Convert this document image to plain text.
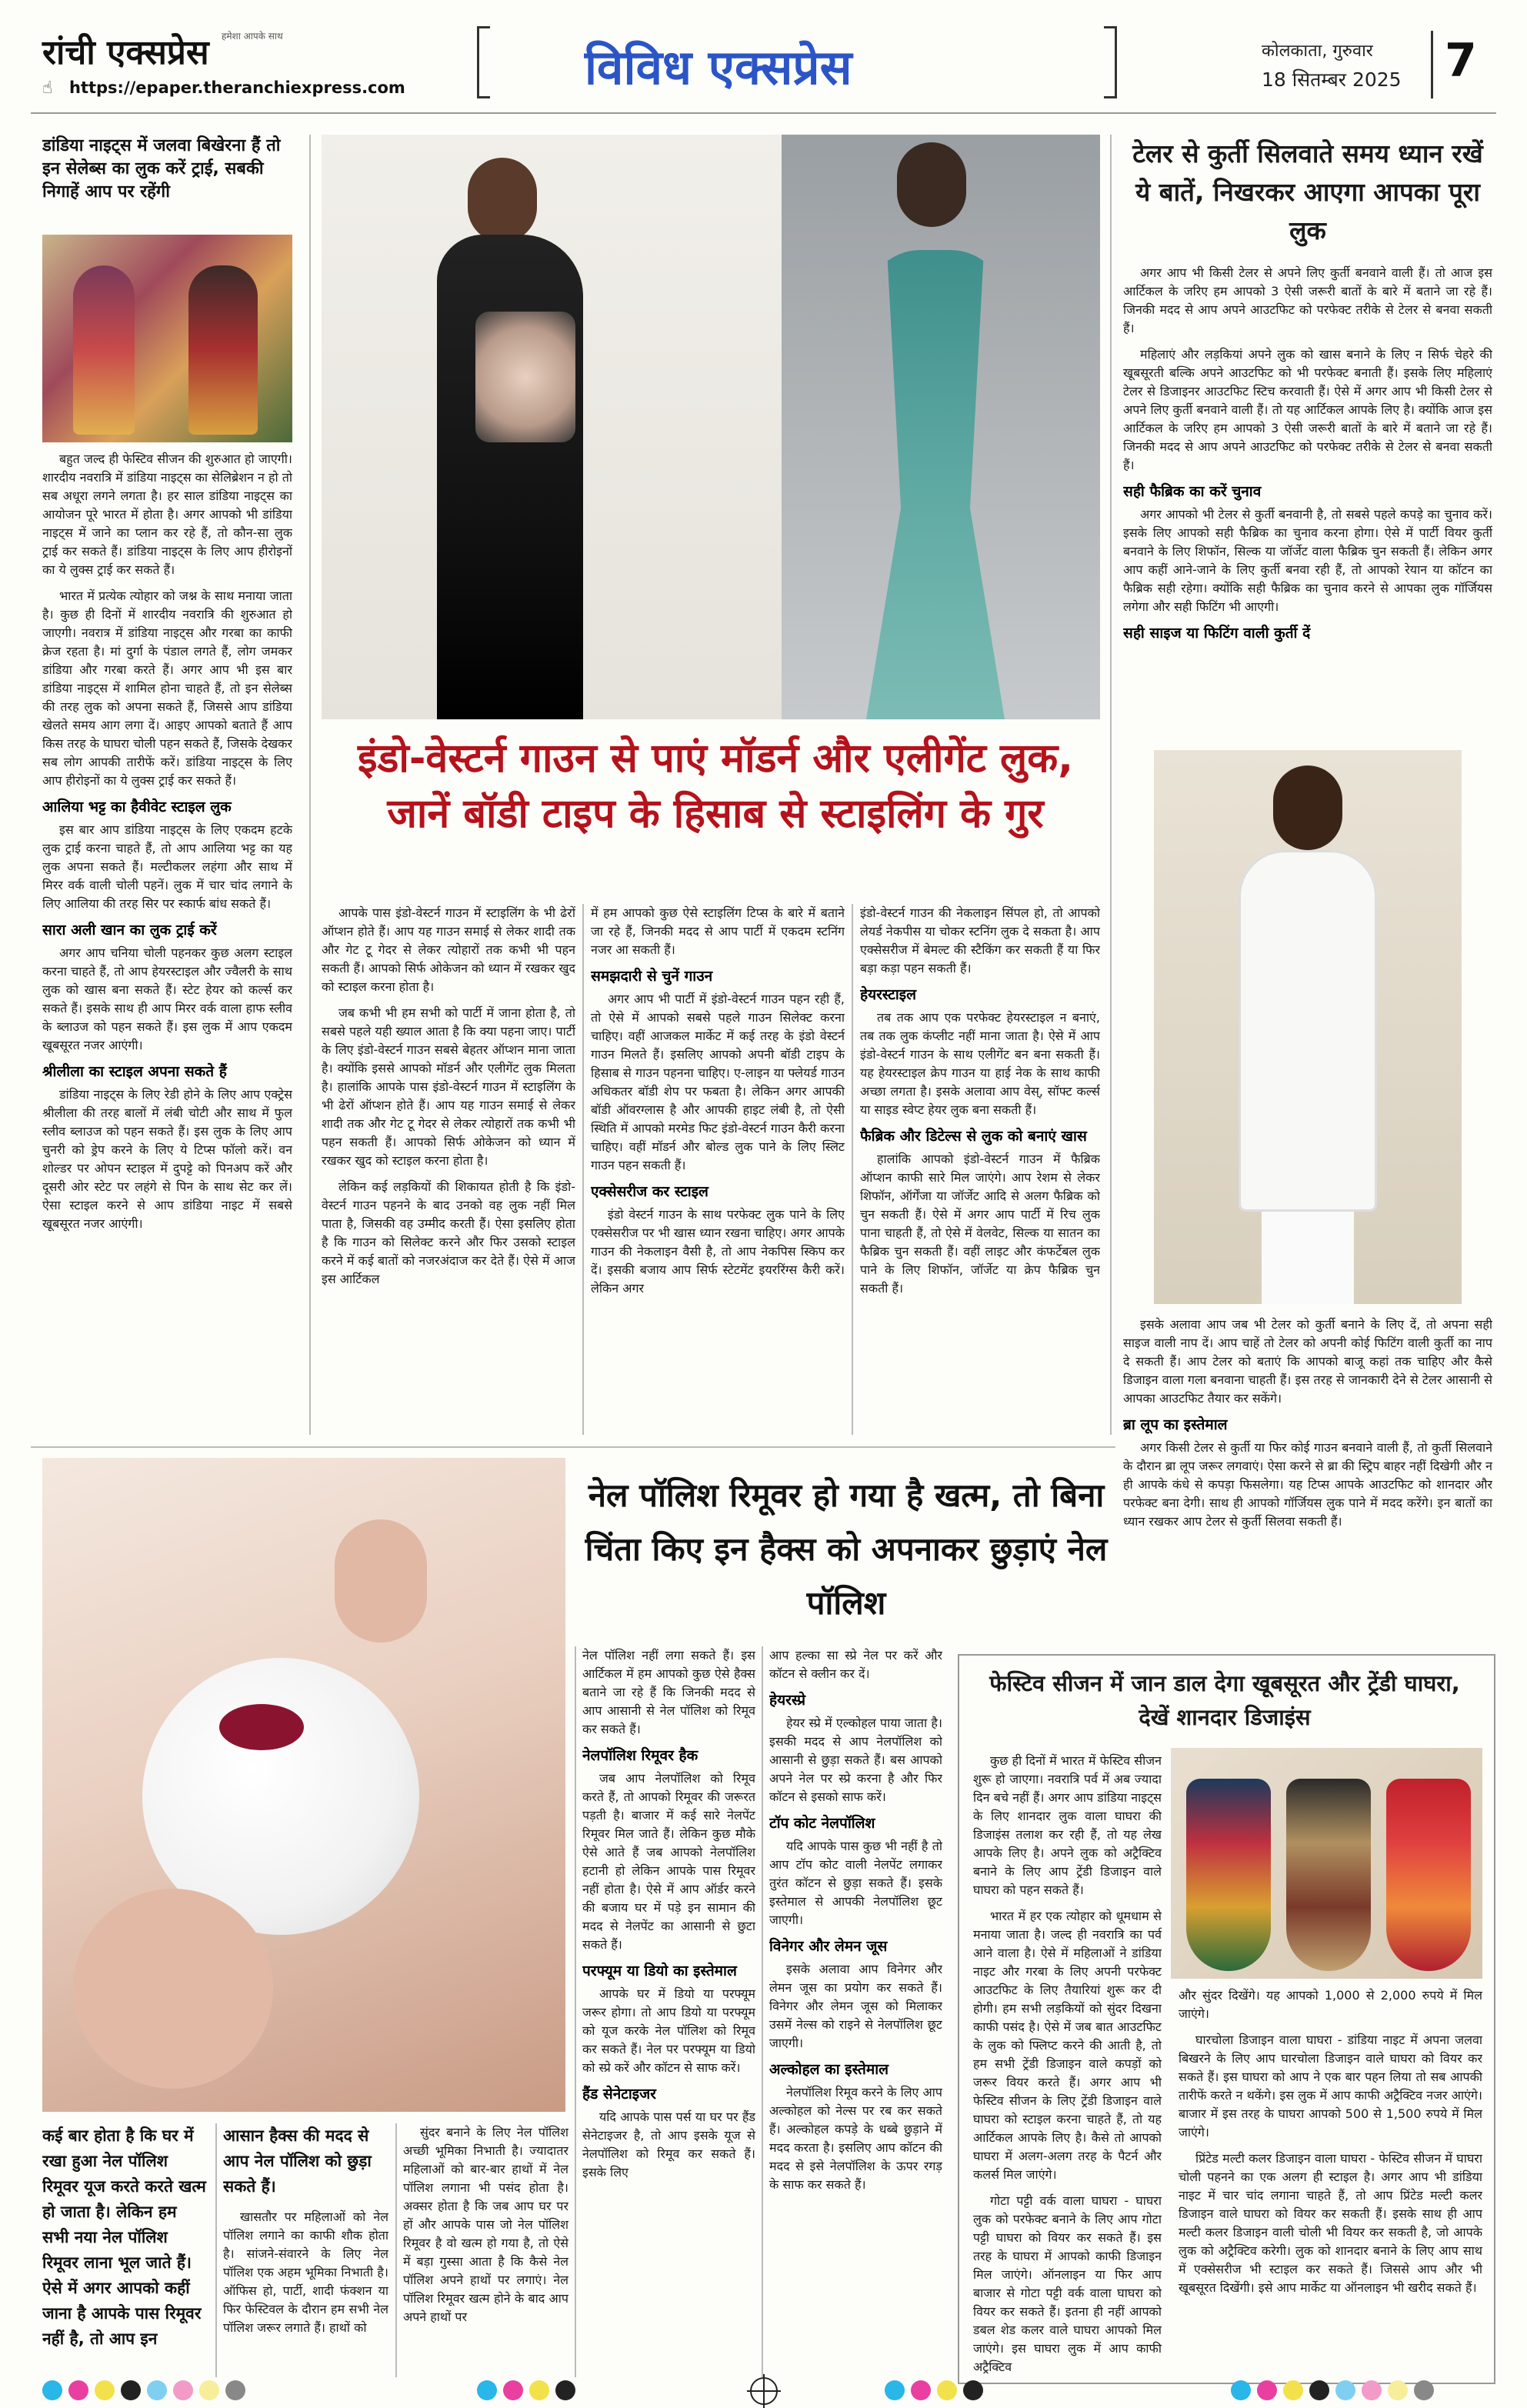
रांची एक्सप्रेस हमेशा आपके साथ
☝	https://epaper.theranchiexpress.com	विविध एक्सप्रेस	कोलकाता, गुरुवार
18 सितम्बर 2025 7
डांडिया नाइट्स में जलवा बिखेरना हैं तो इन सेलेब्स का लुक करें ट्राई, सबकी निगाहें आप पर रहेंगी

बहुत जल्द ही फेस्टिव सीजन की शुरुआत हो जाएगी। शारदीय नवरात्रि में डांडिया नाइट्स का सेलिब्रेशन न हो तो सब अधूरा लगने लगता है। हर साल डांडिया नाइट्स का आयोजन पूरे भारत में होता है। अगर आपको भी डांडिया नाइट्स में जाने का प्लान कर रहे हैं, तो कौन-सा लुक ट्राई कर सकते हैं। डांडिया नाइट्स के लिए आप हीरोइनों का ये लुक्स ट्राई कर सकते हैं।

भारत में प्रत्येक त्योहार को जश्न के साथ मनाया जाता है। कुछ ही दिनों में शारदीय नवरात्रि की शुरुआत हो जाएगी। नवरात्र में डांडिया नाइट्स और गरबा का काफी क्रेज रहता है। मां दुर्गा के पंडाल लगते हैं, लोग जमकर डांडिया और गरबा करते हैं। अगर आप भी इस बार डांडिया नाइट्स में शामिल होना चाहते हैं, तो इन सेलेब्स की तरह लुक को अपना सकते हैं, जिससे आप डांडिया खेलते समय आग लगा दें। आइए आपको बताते हैं आप किस तरह के घाघरा चोली पहन सकते हैं, जिसके देखकर सब लोग आपकी तारीफें करें। डांडिया नाइट्स के लिए आप हीरोइनों का ये लुक्स ट्राई कर सकते हैं।

आलिया भट्ट का हैवीवेट स्टाइल लुक

इस बार आप डांडिया नाइट्स के लिए एकदम हटके लुक ट्राई करना चाहते हैं, तो आप आलिया भट्ट का यह लुक अपना सकते हैं। मल्टीकलर लहंगा और साथ में मिरर वर्क वाली चोली पहनें। लुक में चार चांद लगाने के लिए आलिया की तरह सिर पर स्कार्फ बांध सकते हैं।

सारा अली खान का लुक ट्राई करें

अगर आप चनिया चोली पहनकर कुछ अलग स्टाइल करना चाहते हैं, तो आप हेयरस्टाइल और ज्वैलरी के साथ लुक को खास बना सकते हैं। स्टेट हेयर को कर्ल्स कर सकते हैं। इसके साथ ही आप मिरर वर्क वाला हाफ स्लीव के ब्लाउज को पहन सकते हैं। इस लुक में आप एकदम खूबसूरत नजर आएंगी।

श्रीलीला का स्टाइल अपना सकते हैं

डांडिया नाइट्स के लिए रेडी होने के लिए आप एक्ट्रेस श्रीलीला की तरह बालों में लंबी चोटी और साथ में फुल स्लीव ब्लाउज को पहन सकते हैं। इस लुक के लिए आप चुनरी को ड्रेप करने के लिए ये टिप्स फॉलो करें। वन शोल्डर पर ओपन स्टाइल में दुपट्टे को पिनअप करें और दूसरी ओर स्टेट पर लहंगे से पिन के साथ सेट कर लें। ऐसा स्टाइल करने से आप डांडिया नाइट में सबसे खूबसूरत नजर आएंगी।

इंडो-वेस्टर्न गाउन से पाएं मॉडर्न और एलीगेंट लुक, जानें बॉडी टाइप के हिसाब से स्टाइलिंग के गुर

आपके पास इंडो-वेस्टर्न गाउन में स्टाइलिंग के भी ढेरों ऑप्शन होते हैं। आप यह गाउन समाई से लेकर शादी तक और गेट टू गेदर से लेकर त्योहारों तक कभी भी पहन सकती हैं। आपको सिर्फ ओकेजन को ध्यान में रखकर खुद को स्टाइल करना होता है।

जब कभी भी हम सभी को पार्टी में जाना होता है, तो सबसे पहले यही ख्याल आता है कि क्या पहना जाए। पार्टी के लिए इंडो-वेस्टर्न गाउन सबसे बेहतर ऑप्शन माना जाता है। क्योंकि इससे आपको मॉडर्न और एलीगेंट लुक मिलता है। हालांकि आपके पास इंडो-वेस्टर्न गाउन में स्टाइलिंग के भी ढेरों ऑप्शन होते हैं। आप यह गाउन समाई से लेकर शादी तक और गेट टू गेदर से लेकर त्योहारों तक कभी भी पहन सकती हैं। आपको सिर्फ ओकेजन को ध्यान में रखकर खुद को स्टाइल करना होता है।

लेकिन कई लड़कियों की शिकायत होती है कि इंडो-वेस्टर्न गाउन पहनने के बाद उनको वह लुक नहीं मिल पाता है, जिसकी वह उम्मीद करती हैं। ऐसा इसलिए होता है कि गाउन को सिलेक्ट करने और फिर उसको स्टाइल करने में कई बातों को नजरअंदाज कर देते हैं। ऐसे में आज इस आर्टिकल

में हम आपको कुछ ऐसे स्टाइलिंग टिप्स के बारे में बताने जा रहे हैं, जिनकी मदद से आप पार्टी में एकदम स्टनिंग नजर आ सकती हैं।

समझदारी से चुनें गाउन

अगर आप भी पार्टी में इंडो-वेस्टर्न गाउन पहन रही हैं, तो ऐसे में आपको सबसे पहले गाउन सिलेक्ट करना चाहिए। वहीं आजकल मार्केट में कई तरह के इंडो वेस्टर्न गाउन मिलते हैं। इसलिए आपको अपनी बॉडी टाइप के हिसाब से गाउन पहनना चाहिए। ए-लाइन या फ्लेयर्ड गाउन अधिकतर बॉडी शेप पर फबता है। लेकिन अगर आपकी बॉडी ऑवरग्लास है और आपकी हाइट लंबी है, तो ऐसी स्थिति में आपको मरमेड फिट इंडो-वेस्टर्न गाउन कैरी करना चाहिए। वहीं मॉडर्न और बोल्ड लुक पाने के लिए स्लिट गाउन पहन सकती हैं।

एक्सेसरीज कर स्टाइल

इंडो वेस्टर्न गाउन के साथ परफेक्ट लुक पाने के लिए एक्सेसरीज पर भी खास ध्यान रखना चाहिए। अगर आपके गाउन की नेकलाइन वैसी है, तो आप नेकपिस स्किप कर दें। इसकी बजाय आप सिर्फ स्टेटमेंट इयररिंग्स कैरी करें। लेकिन अगर

इंडो-वेस्टर्न गाउन की नेकलाइन सिंपल हो, तो आपको लेयर्ड नेकपीस या चोकर स्टनिंग लुक दे सकता है। आप एक्सेसरीज में बेमल्ट की स्टैकिंग कर सकती हैं या फिर बड़ा कड़ा पहन सकती हैं।

हेयरस्टाइल

तब तक आप एक परफेक्ट हेयरस्टाइल न बनाएं, तब तक लुक कंप्लीट नहीं माना जाता है। ऐसे में आप इंडो-वेस्टर्न गाउन के साथ एलीगेंट बन बना सकती हैं। यह हेयरस्टाइल क्रेप गाउन या हाई नेक के साथ काफी अच्छा लगता है। इसके अलावा आप वेस्, सॉफ्ट कर्ल्स या साइड स्वेप्ट हेयर लुक बना सकती हैं।

फैब्रिक और डिटेल्स से लुक को बनाएं खास

हालांकि आपको इंडो-वेस्टर्न गाउन में फैब्रिक ऑप्शन काफी सारे मिल जाएंगे। आप रेशम से लेकर शिफॉन, ऑर्गेंजा या जॉर्जेट आदि से अलग फैब्रिक को चुन सकती हैं। ऐसे में अगर आप पार्टी में रिच लुक पाना चाहती हैं, तो ऐसे में वेलवेट, सिल्क या सातन का फैब्रिक चुन सकती हैं। वहीं लाइट और कंफर्टेबल लुक पाने के लिए शिफॉन, जॉर्जेट या क्रेप फैब्रिक चुन सकती हैं।

टेलर से कुर्ती सिलवाते समय ध्यान रखें ये बातें, निखरकर आएगा आपका पूरा लुक

अगर आप भी किसी टेलर से अपने लिए कुर्ती बनवाने वाली हैं। तो आज इस आर्टिकल के जरिए हम आपको 3 ऐसी जरूरी बातों के बारे में बताने जा रहे हैं। जिनकी मदद से आप अपने आउटफिट को परफेक्ट तरीके से टेलर से बनवा सकती हैं।

महिलाएं और लड़कियां अपने लुक को खास बनाने के लिए न सिर्फ चेहरे की खूबसूरती बल्कि अपने आउटफिट को भी परफेक्ट बनाती हैं। इसके लिए महिलाएं टेलर से डिजाइनर आउटफिट स्टिच करवाती हैं। ऐसे में अगर आप भी किसी टेलर से अपने लिए कुर्ती बनवाने वाली हैं। तो यह आर्टिकल आपके लिए है। क्योंकि आज इस आर्टिकल के जरिए हम आपको 3 ऐसी जरूरी बातों के बारे में बताने जा रहे हैं। जिनकी मदद से आप अपने आउटफिट को परफेक्ट तरीके से टेलर से बनवा सकती हैं।

सही फैब्रिक का करें चुनाव

अगर आपको भी टेलर से कुर्ती बनवानी है, तो सबसे पहले कपड़े का चुनाव करें। इसके लिए आपको सही फैब्रिक का चुनाव करना होगा। ऐसे में पार्टी वियर कुर्ती बनवाने के लिए शिफॉन, सिल्क या जॉर्जेट वाला फैब्रिक चुन सकती हैं। लेकिन अगर आप कहीं आने-जाने के लिए कुर्ती बनवा रही हैं, तो आपको रेयान या कॉटन का फैब्रिक सही रहेगा। क्योंकि सही फैब्रिक का चुनाव करने से आपका लुक गॉर्जियस लगेगा और सही फिटिंग भी आएगी।

सही साइज या फिटिंग वाली कुर्ती दें

इसके अलावा आप जब भी टेलर को कुर्ती बनाने के लिए दें, तो अपना सही साइज वाली नाप दें। आप चाहें तो टेलर को अपनी कोई फिटिंग वाली कुर्ती का नाप दे सकती हैं। आप टेलर को बताएं कि आपको बाजू कहां तक चाहिए और कैसे डिजाइन वाला गला बनवाना चाहती हैं। इस तरह से जानकारी देने से टेलर आसानी से आपका आउटफिट तैयार कर सकेंगे।

ब्रा लूप का इस्तेमाल

अगर किसी टेलर से कुर्ती या फिर कोई गाउन बनवाने वाली हैं, तो कुर्ती सिलवाने के दौरान ब्रा लूप जरूर लगवाएं। ऐसा करने से ब्रा की स्ट्रिप बाहर नहीं दिखेगी और न ही आपके कंधे से कपड़ा फिसलेगा। यह टिप्स आपके आउटफिट को शानदार और परफेक्ट बना देगी। साथ ही आपको गॉर्जियस लुक पाने में मदद करेंगे। इन बातों का ध्यान रखकर आप टेलर से कुर्ती सिलवा सकती हैं।

नेल पॉलिश रिमूवर हो गया है खत्म, तो बिना चिंता किए इन हैक्स को अपनाकर छुड़ाएं नेल पॉलिश
कई बार होता है कि घर में रखा हुआ नेल पॉलिश रिमूवर यूज करते करते खत्म हो जाता है। लेकिन हम सभी नया नेल पॉलिश रिमूवर लाना भूल जाते हैं। ऐसे में अगर आपको कहीं जाना है आपके पास रिमूवर नहीं है, तो आप इन
आसान हैक्स की मदद से आप नेल पॉलिश को छुड़ा सकते हैं।

खासतौर पर महिलाओं को नेल पॉलिश लगाने का काफी शौक होता है। सांजने-संवारने के लिए नेल पॉलिश एक अहम भूमिका निभाती है। ऑफिस हो, पार्टी, शादी फंक्शन या फिर फेस्टिवल के दौरान हम सभी नेल पॉलिश जरूर लगाते हैं। हाथों को

सुंदर बनाने के लिए नेल पॉलिश अच्छी भूमिका निभाती है। ज्यादातर महिलाओं को बार-बार हाथों में नेल पॉलिश लगाना भी पसंद होता है। अक्सर होता है कि जब आप घर पर हों और आपके पास जो नेल पॉलिश रिमूवर है वो खत्म हो गया है, तो ऐसे में बड़ा गुस्सा आता है कि कैसे नेल पॉलिश अपने हाथों पर लगाएं। नेल पॉलिश रिमूवर खत्म होने के बाद आप अपने हाथों पर

नेल पॉलिश नहीं लगा सकते हैं। इस आर्टिकल में हम आपको कुछ ऐसे हैक्स बताने जा रहे हैं कि जिनकी मदद से आप आसानी से नेल पॉलिश को रिमूव कर सकते हैं।

नेलपॉलिश रिमूवर हैक

जब आप नेलपॉलिश को रिमूव करते हैं, तो आपको रिमूवर की जरूरत पड़ती है। बाजार में कई सारे नेलपेंट रिमूवर मिल जाते हैं। लेकिन कुछ मौके ऐसे आते हैं जब आपको नेलपॉलिश हटानी हो लेकिन आपके पास रिमूवर नहीं होता है। ऐसे में आप ऑर्डर करने की बजाय घर में पड़े इन सामान की मदद से नेलपेंट का आसानी से छुटा सकते हैं।

परफ्यूम या डियो का इस्तेमाल

आपके घर में डियो या परफ्यूम जरूर होगा। तो आप डियो या परफ्यूम को यूज करके नेल पॉलिश को रिमूव कर सकते हैं। नेल पर परफ्यूम या डियो को स्प्रे करें और कॉटन से साफ करें।

हैंड सेनेटाइजर

यदि आपके पास पर्स या घर पर हैंड सेनेटाइजर है, तो आप इसके यूज से नेलपॉलिश को रिमूव कर सकते हैं। इसके लिए

आप हल्का सा स्प्रे नेल पर करें और कॉटन से क्लीन कर दें।

हेयरस्प्रे

हेयर स्प्रे में एल्कोहल पाया जाता है। इसकी मदद से आप नेलपॉलिश को आसानी से छुड़ा सकते हैं। बस आपको अपने नेल पर स्प्रे करना है और फिर कॉटन से इसको साफ करें।

टॉप कोट नेलपॉलिश

यदि आपके पास कुछ भी नहीं है तो आप टॉप कोट वाली नेलपेंट लगाकर तुरंत कॉटन से छुड़ा सकते हैं। इसके इस्तेमाल से आपकी नेलपॉलिश छूट जाएगी।

विनेगर और लेमन जूस

इसके अलावा आप विनेगर और लेमन जूस का प्रयोग कर सकते हैं। विनेगर और लेमन जूस को मिलाकर उसमें नेल्स को राइने से नेलपॉलिश छूट जाएगी।

अल्कोहल का इस्तेमाल

नेलपॉलिश रिमूव करने के लिए आप अल्कोहल को नेल्स पर रब कर सकते हैं। अल्कोहल कपड़े के धब्बे छुड़ाने में मदद करता है। इसलिए आप कॉटन की मदद से इसे नेलपॉलिश के ऊपर रगड़ के साफ कर सकते हैं।

फेस्टिव सीजन में जान डाल देगा खूबसूरत और ट्रेंडी घाघरा, देखें शानदार डिजाइंस

कुछ ही दिनों में भारत में फेस्टिव सीजन शुरू हो जाएगा। नवरात्रि पर्व में अब ज्यादा दिन बचे नहीं हैं। अगर आप डांडिया नाइट्स के लिए शानदार लुक वाला घाघरा की डिजाइंस तलाश कर रही हैं, तो यह लेख आपके लिए है। अपने लुक को अट्रैक्टिव बनाने के लिए आप ट्रेंडी डिजाइन वाले घाघरा को पहन सकते हैं।

भारत में हर एक त्योहार को धूमधाम से मनाया जाता है। जल्द ही नवरात्रि का पर्व आने वाला है। ऐसे में महिलाओं ने डांडिया नाइट और गरबा के लिए अपनी परफेक्ट आउटफिट के लिए तैयारियां शुरू कर दी होगी। हम सभी लड़कियों को सुंदर दिखना काफी पसंद है। ऐसे में जब बात आउटफिट के लुक को फ्लिप्ट करने की आती है, तो हम सभी ट्रेंडी डिजाइन वाले कपड़ों को जरूर वियर करते हैं। अगर आप भी फेस्टिव सीजन के लिए ट्रेंडी डिजाइन वाले घाघरा को स्टाइल करना चाहते हैं, तो यह आर्टिकल आपके लिए है। कैसे तो आपको घाघरा में अलग-अलग तरह के पैटर्न और कलर्स मिल जाएंगे।

गोटा पट्टी वर्क वाला घाघरा - घाघरा लुक को परफेक्ट बनाने के लिए आप गोटा पट्टी घाघरा को वियर कर सकते हैं। इस तरह के घाघरा में आपको काफी डिजाइन मिल जाएंगे। ऑनलाइन या फिर आप बाजार से गोटा पट्टी वर्क वाला घाघरा को वियर कर सकते हैं। इतना ही नहीं आपको डबल शेड कलर वाले घाघरा आपको मिल जाएंगे। इस घाघरा लुक में आप काफी अट्रैक्टिव

और सुंदर दिखेंगे। यह आपको 1,000 से 2,000 रुपये में मिल जाएंगे।

घारचोला डिजाइन वाला घाघरा - डांडिया नाइट में अपना जलवा बिखरने के लिए आप घारचोला डिजाइन वाले घाघरा को वियर कर सकते हैं। इस घाघरा को आप ने एक बार पहन लिया तो सब आपकी तारीफें करते न थकेंगे। इस लुक में आप काफी अट्रैक्टिव नजर आएंगे। बाजार में इस तरह के घाघरा आपको 500 से 1,500 रुपये में मिल जाएंगे।

प्रिंटेड मल्टी कलर डिजाइन वाला घाघरा - फेस्टिव सीजन में घाघरा चोली पहनने का एक अलग ही स्टाइल है। अगर आप भी डांडिया नाइट में चार चांद लगाना चाहते हैं, तो आप प्रिंटेड मल्टी कलर डिजाइन वाले घाघरा को वियर कर सकती हैं। इसके साथ ही आप मल्टी कलर डिजाइन वाली चोली भी वियर कर सकती है, जो आपके लुक को अट्रैक्टिव करेगी। लुक को शानदार बनाने के लिए आप साथ में एक्सेसरीज भी स्टाइल कर सकते हैं। जिससे आप और भी खूबसूरत दिखेंगी। इसे आप मार्केट या ऑनलाइन भी खरीद सकते हैं।
